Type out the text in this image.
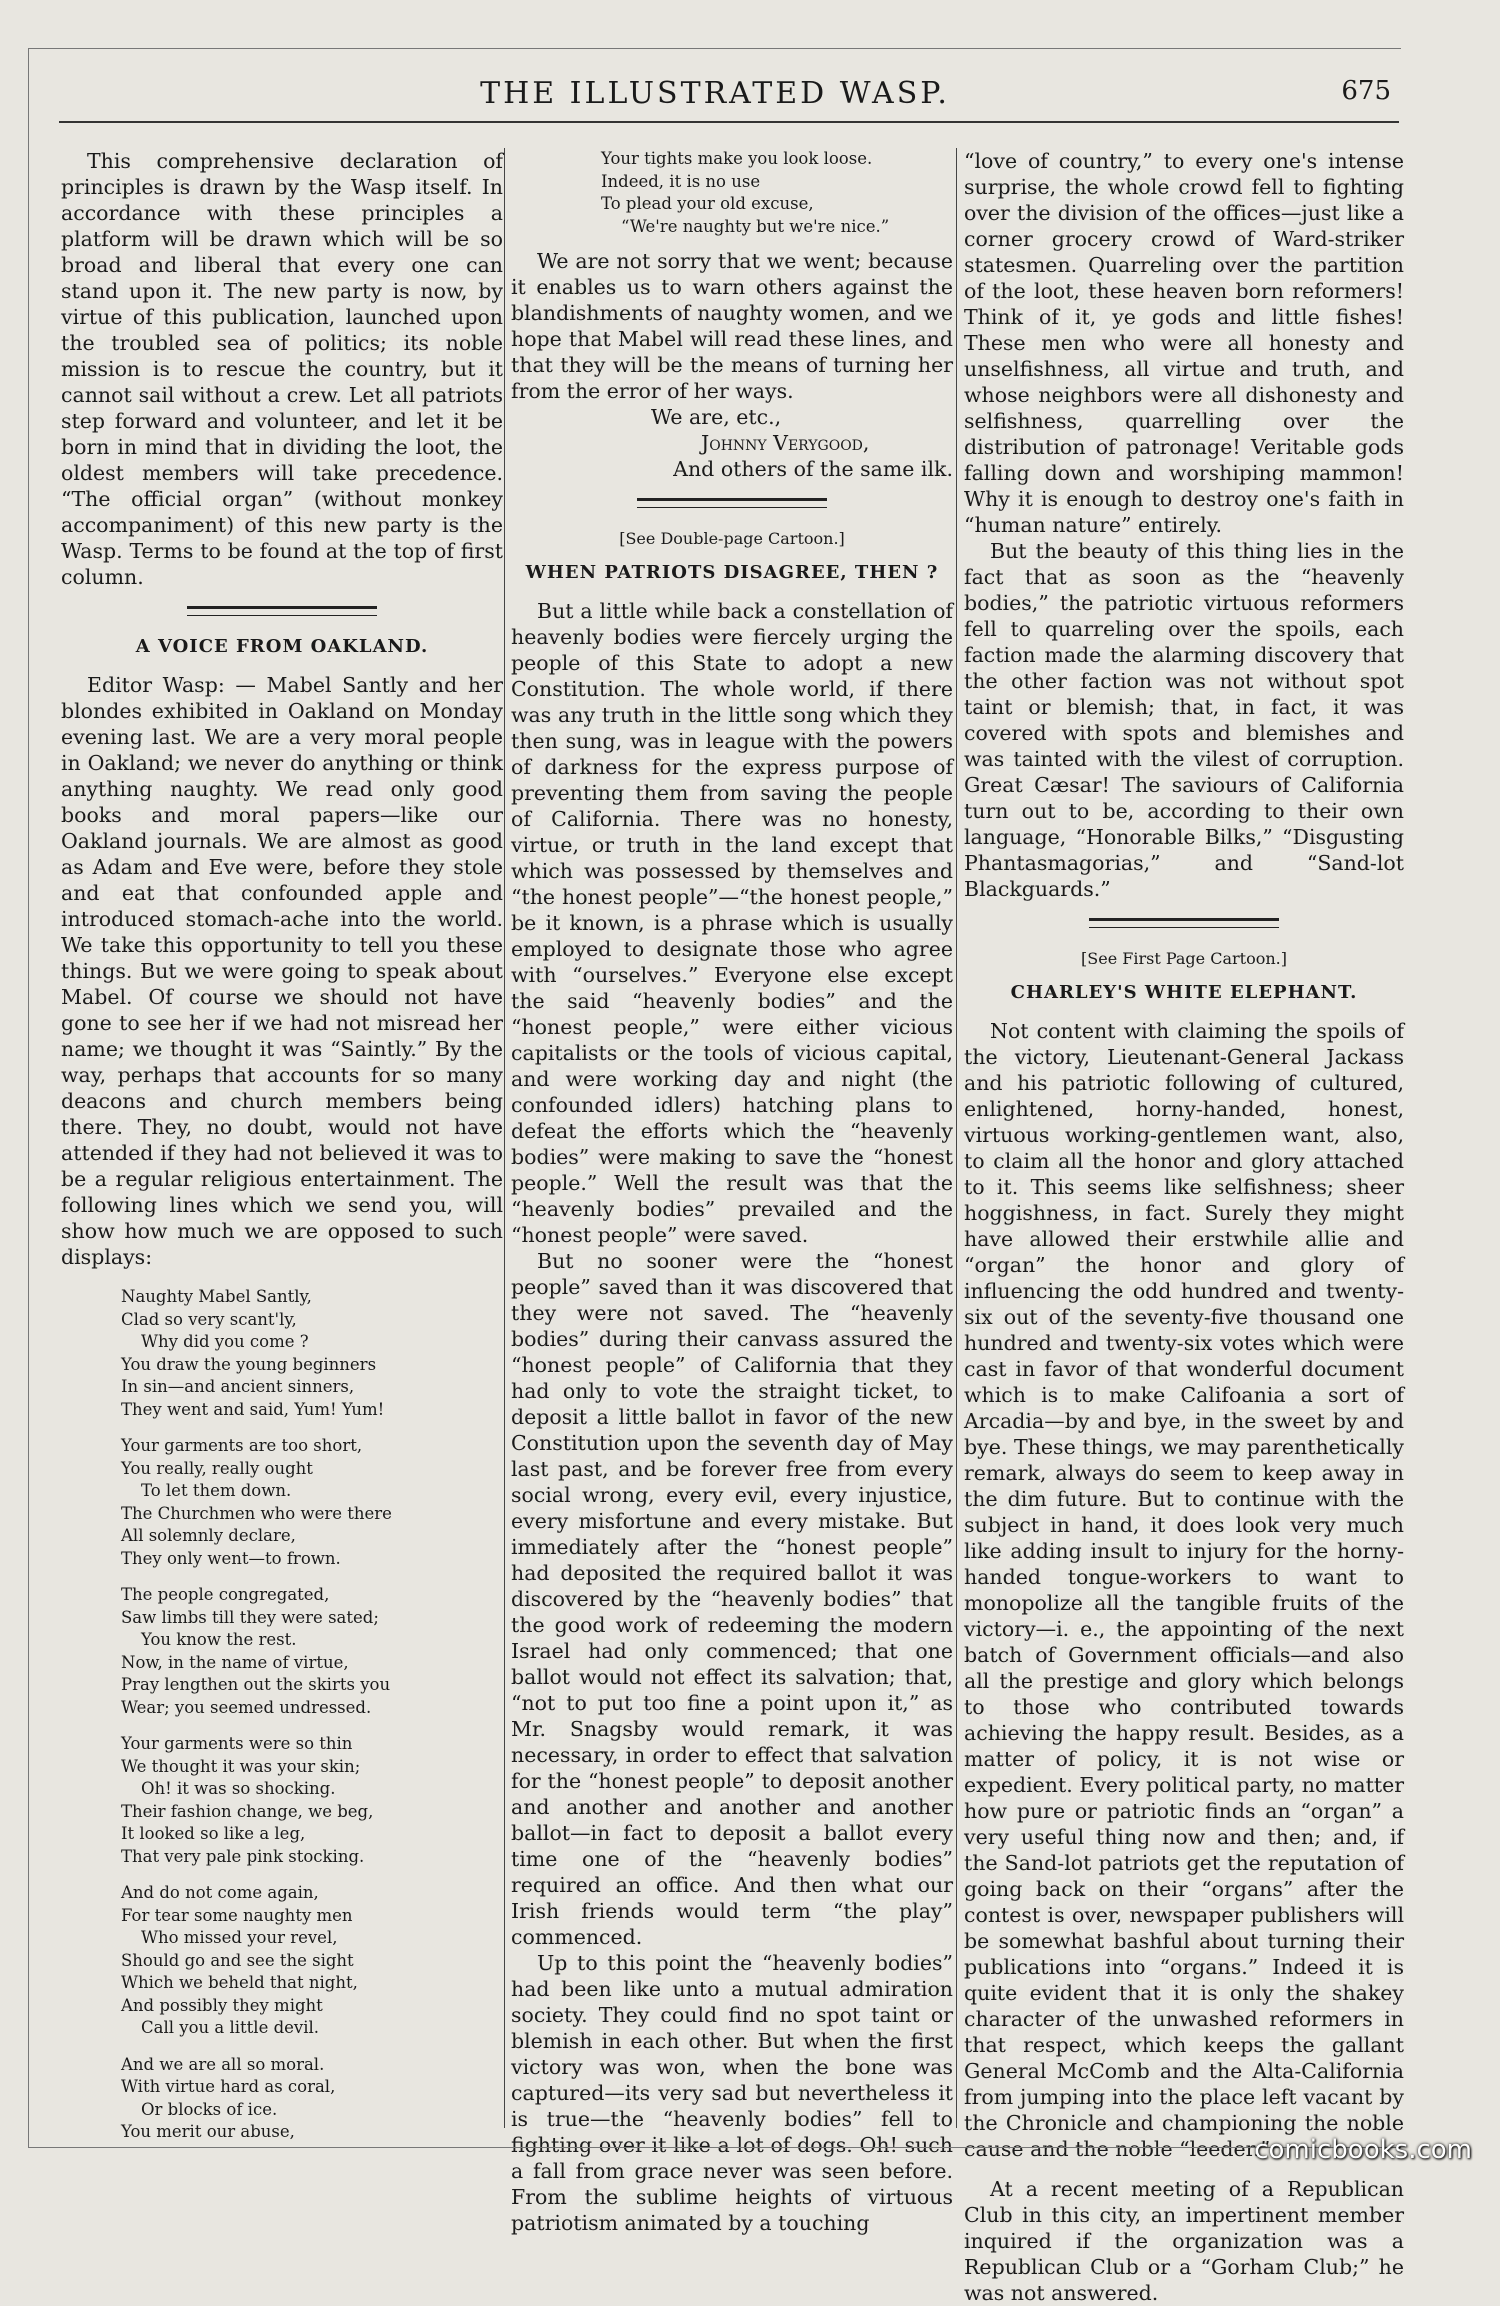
THE ILLUSTRATED WASP.	675

This comprehensive declaration of principles is drawn by the Wasp itself. In accordance with these principles a platform will be drawn which will be so broad and liberal that every one can stand upon it. The new party is now, by virtue of this publication, launched upon the troubled sea of politics; its noble mission is to rescue the country, but it cannot sail without a crew. Let all patriots step forward and volunteer, and let it be born in mind that in dividing the loot, the oldest members will take precedence. “The official organ” (without monkey accompaniment) of this new party is the Wasp. Terms to be found at the top of first column.

A VOICE FROM OAKLAND.

Editor Wasp: — Mabel Santly and her blondes exhibited in Oakland on Monday evening last. We are a very moral people in Oakland; we never do anything or think anything naughty. We read only good books and moral papers—like our Oakland journals. We are almost as good as Adam and Eve were, before they stole and eat that confounded apple and introduced stomach-ache into the world. We take this opportunity to tell you these things. But we were going to speak about Mabel. Of course we should not have gone to see her if we had not misread her name; we thought it was “Saintly.” By the way, perhaps that accounts for so many deacons and church members being there. They, no doubt, would not have attended if they had not believed it was to be a regular religious entertainment. The following lines which we send you, will show how much we are opposed to such displays:

Naughty Mabel Santly,
Clad so very scant'ly,
Why did you come ?
You draw the young beginners
In sin—and ancient sinners,
They went and said, Yum! Yum!
Your garments are too short,
You really, really ought
To let them down.
The Churchmen who were there
All solemnly declare,
They only went—to frown.
The people congregated,
Saw limbs till they were sated;
You know the rest.
Now, in the name of virtue,
Pray lengthen out the skirts you
Wear; you seemed undressed.
Your garments were so thin
We thought it was your skin;
Oh! it was so shocking.
Their fashion change, we beg,
It looked so like a leg,
That very pale pink stocking.
And do not come again,
For tear some naughty men
Who missed your revel,
Should go and see the sight
Which we beheld that night,
And possibly they might
Call you a little devil.
And we are all so moral.
With virtue hard as coral,
Or blocks of ice.
You merit our abuse,
Your tights make you look loose.
Indeed, it is no use
To plead your old excuse,
“We're naughty but we're nice.”

We are not sorry that we went; because it enables us to warn others against the blandishments of naughty women, and we hope that Mabel will read these lines, and that they will be the means of turning her from the error of her ways.

We are, etc.,
Johnny Verygood,
And others of the same ilk.
[See Double-page Cartoon.]
WHEN PATRIOTS DISAGREE, THEN ?

But a little while back a constellation of heavenly bodies were fiercely urging the people of this State to adopt a new Constitution. The whole world, if there was any truth in the little song which they then sung, was in league with the powers of darkness for the express purpose of preventing them from saving the people of California. There was no honesty, virtue, or truth in the land except that which was possessed by themselves and “the honest people”—“the honest people,” be it known, is a phrase which is usually employed to designate those who agree with “ourselves.” Everyone else except the said “heavenly bodies” and the “honest people,” were either vicious capitalists or the tools of vicious capital, and were working day and night (the confounded idlers) hatching plans to defeat the efforts which the “heavenly bodies” were making to save the “honest people.” Well the result was that the “heavenly bodies” prevailed and the “honest people” were saved.

But no sooner were the “honest people” saved than it was discovered that they were not saved. The “heavenly bodies” during their canvass assured the “honest people” of California that they had only to vote the straight ticket, to deposit a little ballot in favor of the new Constitution upon the seventh day of May last past, and be forever free from every social wrong, every evil, every injustice, every misfortune and every mistake. But immediately after the “honest people” had deposited the required ballot it was discovered by the “heavenly bodies” that the good work of redeeming the modern Israel had only commenced; that one ballot would not effect its salvation; that, “not to put too fine a point upon it,” as Mr. Snagsby would remark, it was necessary, in order to effect that salvation for the “honest people” to deposit another and another and another and another ballot—in fact to deposit a ballot every time one of the “heavenly bodies” required an office. And then what our Irish friends would term “the play” commenced.

Up to this point the “heavenly bodies” had been like unto a mutual admiration society. They could find no spot taint or blemish in each other. But when the first victory was won, when the bone was captured—its very sad but nevertheless it is true—the “heavenly bodies” fell to fighting over it like a lot of dogs. Oh! such a fall from grace never was seen before. From the sublime heights of virtuous patriotism animated by a touching

“love of country,” to every one's intense surprise, the whole crowd fell to fighting over the division of the offices—just like a corner grocery crowd of Ward-striker statesmen. Quarreling over the partition of the loot, these heaven born reformers! Think of it, ye gods and little fishes! These men who were all honesty and unselfishness, all virtue and truth, and whose neighbors were all dishonesty and selfishness, quarrelling over the distribution of patronage! Veritable gods falling down and worshiping mammon! Why it is enough to destroy one's faith in “human nature” entirely.

But the beauty of this thing lies in the fact that as soon as the “heavenly bodies,” the patriotic virtuous reformers fell to quarreling over the spoils, each faction made the alarming discovery that the other faction was not without spot taint or blemish; that, in fact, it was covered with spots and blemishes and was tainted with the vilest of corruption. Great Cæsar! The saviours of California turn out to be, according to their own language, “Honorable Bilks,” “Disgusting Phantasmagorias,” and “Sand-lot Blackguards.”

[See First Page Cartoon.]
CHARLEY'S WHITE ELEPHANT.

Not content with claiming the spoils of the victory, Lieutenant-General Jackass and his patriotic following of cultured, enlightened, horny-handed, honest, virtuous working-gentlemen want, also, to claim all the honor and glory attached to it. This seems like selfishness; sheer hoggishness, in fact. Surely they might have allowed their erstwhile allie and “organ” the honor and glory of influencing the odd hundred and twenty-six out of the seventy-five thousand one hundred and twenty-six votes which were cast in favor of that wonderful document which is to make Califoania a sort of Arcadia—by and bye, in the sweet by and bye. These things, we may parenthetically remark, always do seem to keep away in the dim future. But to continue with the subject in hand, it does look very much like adding insult to injury for the horny-handed tongue-workers to want to monopolize all the tangible fruits of the victory—i. e., the appointing of the next batch of Government officials—and also all the prestige and glory which belongs to those who contributed towards achieving the happy result. Besides, as a matter of policy, it is not wise or expedient. Every political party, no matter how pure or patriotic finds an “organ” a very useful thing now and then; and, if the Sand-lot patriots get the reputation of going back on their “organs” after the contest is over, newspaper publishers will be somewhat bashful about turning their publications into “organs.” Indeed it is quite evident that it is only the shakey character of the unwashed reformers in that respect, which keeps the gallant General McComb and the Alta-California from jumping into the place left vacant by the Chronicle and championing the noble cause and the noble “leeder.”

At a recent meeting of a Republican Club in this city, an impertinent member inquired if the organization was a Republican Club or a “Gorham Club;” he was not answered.

comicbooks.com
